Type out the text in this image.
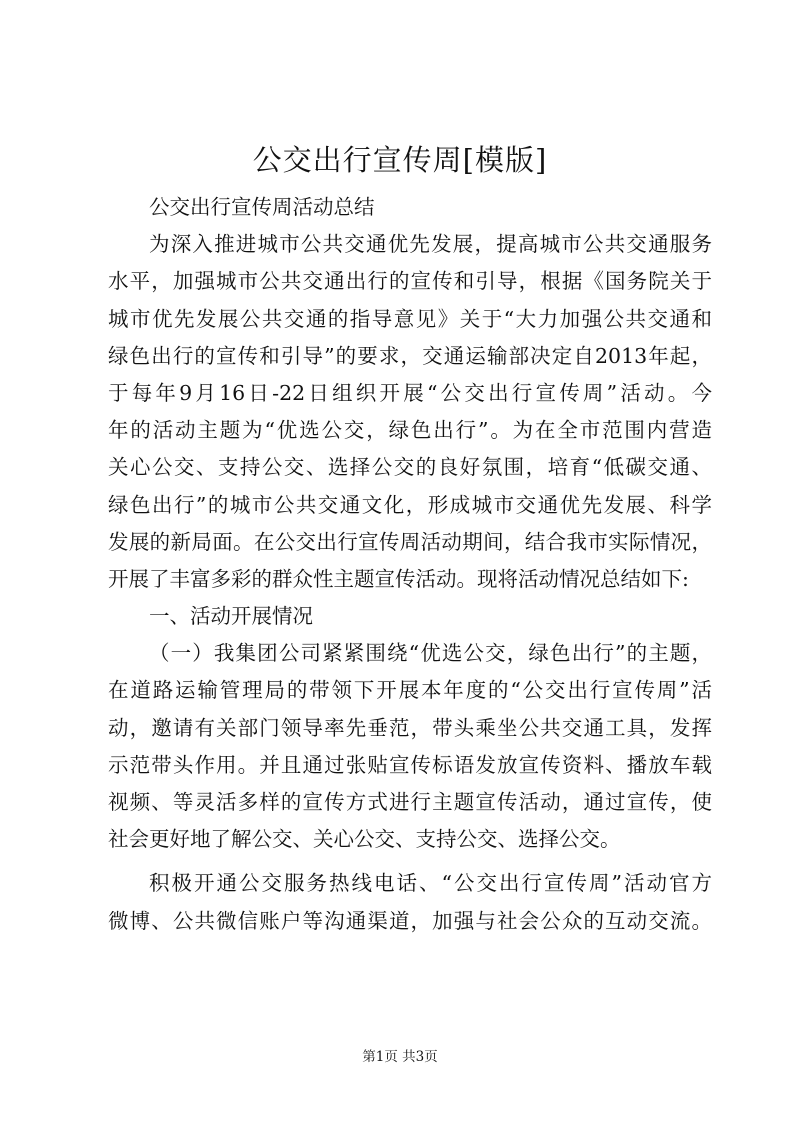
公交出行宣传周[模版]
公交出行宣传周活动总结
为深入推进城市公共交通优先发展，提高城市公共交通服务
水平，加强城市公共交通出行的宣传和引导，根据《国务院关于
城市优先发展公共交通的指导意见》关于“大力加强公共交通和
绿色出行的宣传和引导”的要求，交通运输部决定自2013年起，
于每年9月16日-22日组织开展“公交出行宣传周”活动。今
年的活动主题为“优选公交，绿色出行”。为在全市范围内营造
关心公交、支持公交、选择公交的良好氛围，培育“低碳交通、
绿色出行”的城市公共交通文化，形成城市交通优先发展、科学
发展的新局面。在公交出行宣传周活动期间，结合我市实际情况，
开展了丰富多彩的群众性主题宣传活动。现将活动情况总结如下:
一、活动开展情况
（一）我集团公司紧紧围绕“优选公交，绿色出行”的主题，
在道路运输管理局的带领下开展本年度的“公交出行宣传周”活
动，邀请有关部门领导率先垂范，带头乘坐公共交通工具，发挥
示范带头作用。并且通过张贴宣传标语发放宣传资料、播放车载
视频、等灵活多样的宣传方式进行主题宣传活动，通过宣传，使
社会更好地了解公交、关心公交、支持公交、选择公交。
积极开通公交服务热线电话、“公交出行宣传周”活动官方
微博、公共微信账户等沟通渠道，加强与社会公众的互动交流。
第1页 共3页
